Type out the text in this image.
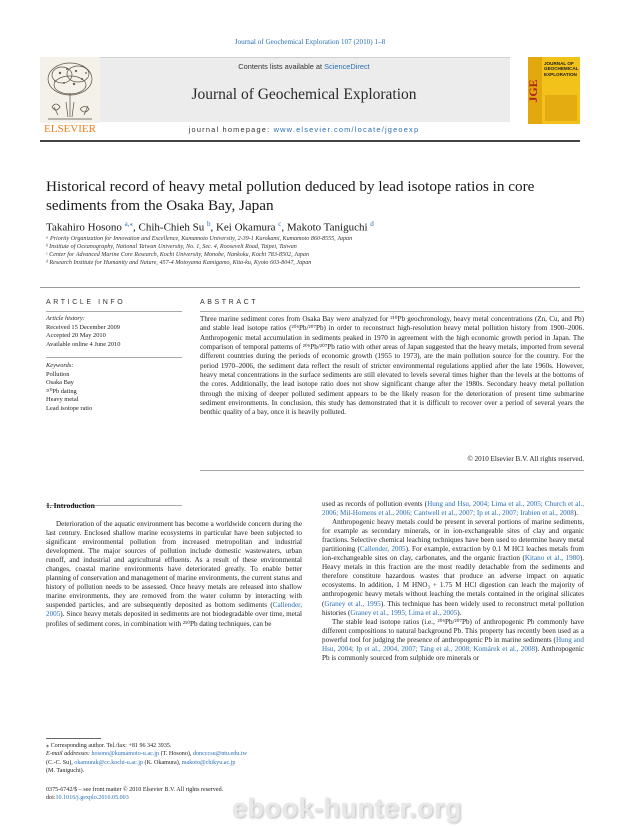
Journal of Geochemical Exploration 107 (2010) 1–8
Contents lists available at ScienceDirect
Journal of Geochemical Exploration
journal homepage: www.elsevier.com/locate/jgeoexp
ELSEVIER
JGE
JOURNAL OF GEOCHEMICAL EXPLORATION
Historical record of heavy metal pollution deduced by lead isotope ratios in core sediments from the Osaka Bay, Japan
Takahiro Hosono $^{a,⁎}$, Chih-Chieh Su $^b$, Kei Okamura $^c$, Makoto Taniguchi $^d$
ᵃ Priority Organization for Innovation and Excellence, Kumamoto University, 2-39-1 Kurokami, Kumamoto 860-8555, Japan
ᵇ Institute of Oceanography, National Taiwan University, No. 1, Sec. 4, Roosevelt Road, Taipei, Taiwan
ᶜ Center for Advanced Marine Core Research, Kochi University, Monobe, Nankoku, Kochi 783-8502, Japan
ᵈ Research Institute for Humanity and Nature, 457-4 Motoyama Kamigamo, Kita-ku, Kyoto 603-8047, Japan
ARTICLE INFO
Article history:
Received 15 December 2009
Accepted 20 May 2010
Available online 4 June 2010
Keywords:
Pollution
Osaka Bay
²¹⁰Pb dating
Heavy metal
Lead isotope ratio
ABSTRACT
Three marine sediment cores from Osaka Bay were analyzed for ²¹⁰Pb geochronology, heavy metal concentrations (Zn, Cu, and Pb) and stable lead isotope ratios (²⁰⁶Pb/²⁰⁷Pb) in order to reconstruct high-resolution heavy metal pollution history from 1900–2006. Anthropogenic metal accumulation in sediments peaked in 1970 in agreement with the high economic growth period in Japan. The comparison of temporal patterns of ²⁰⁶Pb/²⁰⁷Pb ratio with other areas of Japan suggested that the heavy metals, imported from several different countries during the periods of economic growth (1955 to 1973), are the main pollution source for the country. For the period 1970–2006, the sediment data reflect the result of stricter environmental regulations applied after the late 1960s. However, heavy metal concentrations in the surface sediments are still elevated to levels several times higher than the levels at the bottoms of the cores. Additionally, the lead isotope ratio does not show significant change after the 1980s. Secondary heavy metal pollution through the mixing of deeper polluted sediment appears to be the likely reason for the deterioration of present time submarine sediment environments. In conclusion, this study has demonstrated that it is difficult to recover over a period of several years the benthic quality of a bay, once it is heavily polluted.
© 2010 Elsevier B.V. All rights reserved.
1. Introduction

Deterioration of the aquatic environment has become a worldwide concern during the last century. Enclosed shallow marine ecosystems in particular have been subjected to significant environmental pollution from increased metropolitan and industrial development. The major sources of pollution include domestic wastewaters, urban runoff, and industrial and agricultural effluents. As a result of these environmental changes, coastal marine environments have deteriorated greatly. To enable better planning of conservation and management of marine environments, the current status and history of pollution needs to be assessed. Once heavy metals are released into shallow marine environments, they are removed from the water column by interacting with suspended particles, and are subsequently deposited as bottom sediments (Callender, 2005). Since heavy metals deposited in sediments are not biodegradable over time, metal profiles of sediment cores, in combination with ²¹⁰Pb dating techniques, can be

used as records of pollution events (Hung and Hsu, 2004; Lima et al., 2005; Church et al., 2006; Mil-Homens et al., 2006; Cantwell et al., 2007; Ip et al., 2007; Irabien et al., 2008).

Anthropogenic heavy metals could be present in several portions of marine sediments, for example as secondary minerals, or in ion-exchangeable sites of clay and organic fractions. Selective chemical leaching techniques have been used to determine heavy metal partitioning (Callender, 2005). For example, extraction by 0.1 M HCl leaches metals from ion-exchangeable sites on clay, carbonates, and the organic fraction (Kitano et al., 1980). Heavy metals in this fraction are the most readily detachable from the sediments and therefore constitute hazardous wastes that produce an adverse impact on aquatic ecosystems. In addition, 1 M HNO₃ + 1.75 M HCl digestion can leach the majority of anthropogenic heavy metals without leaching the metals contained in the original silicates (Graney et al., 1995). This technique has been widely used to reconstruct metal pollution histories (Graney et al., 1995; Lima et al., 2005).

The stable lead isotope ratios (i.e., ²⁰⁶Pb/²⁰⁷Pb) of anthropogenic Pb commonly have different compositions to natural background Pb. This property has recently been used as a powerful tool for judging the presence of anthropogenic Pb in marine sediments (Hung and Hsu, 2004; Ip et al., 2004, 2007; Tang et al., 2008; Komárek et al., 2008). Anthropogenic Pb is commonly sourced from sulphide ore minerals or

⁎ Corresponding author. Tel./fax: +81 96 342 3935.
E-mail addresses: hosono@kumamoto-u.ac.jp (T. Hosono), doncccsu@ntu.edu.tw
(C.-C. Su), okamurak@cc.kochi-u.ac.jp (K. Okamura), makoto@chikyu.ac.jp
(M. Taniguchi).
0375-6742/$ – see front matter © 2010 Elsevier B.V. All rights reserved.
doi:10.1016/j.gexplo.2010.05.003	ebook-hunter.org
